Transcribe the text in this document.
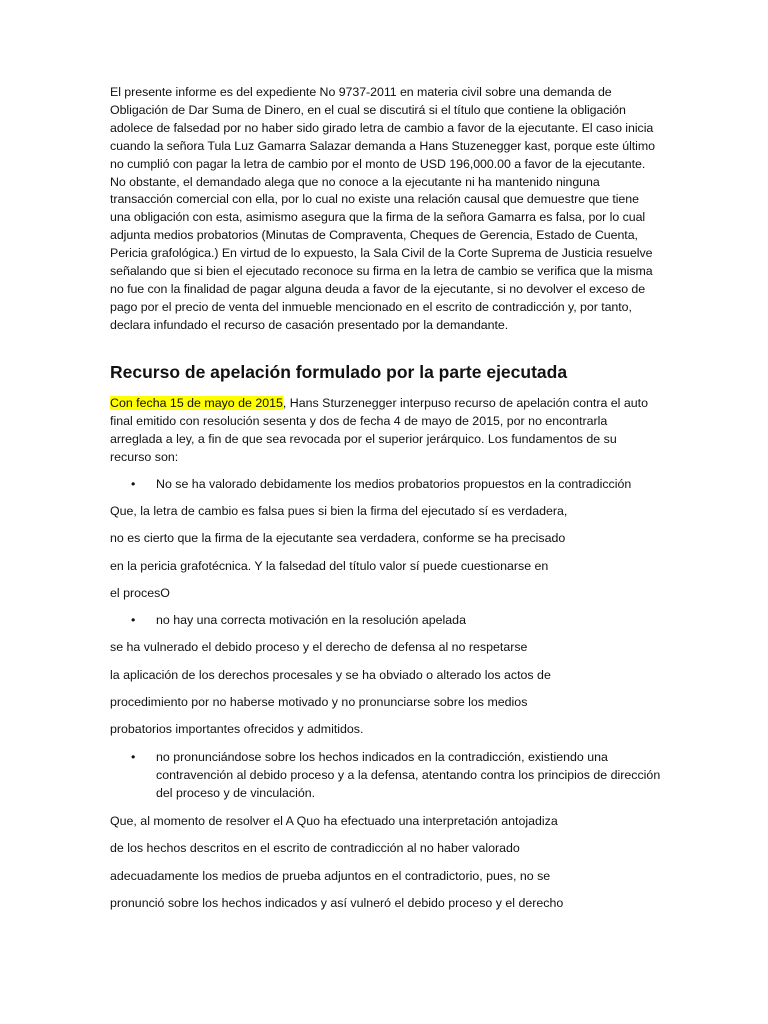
El presente informe es del expediente No 9737-2011 en materia civil sobre una demanda de Obligación de Dar Suma de Dinero, en el cual se discutirá si el título que contiene la obligación adolece de falsedad por no haber sido girado letra de cambio a favor de la ejecutante. El caso inicia cuando la señora Tula Luz Gamarra Salazar demanda a Hans Stuzenegger kast, porque este último no cumplió con pagar la letra de cambio por el monto de USD 196,000.00 a favor de la ejecutante. No obstante, el demandado alega que no conoce a la ejecutante ni ha mantenido ninguna transacción comercial con ella, por lo cual no existe una relación causal que demuestre que tiene una obligación con esta, asimismo asegura que la firma de la señora Gamarra es falsa, por lo cual adjunta medios probatorios (Minutas de Compraventa, Cheques de Gerencia, Estado de Cuenta, Pericia grafológica.) En virtud de lo expuesto, la Sala Civil de la Corte Suprema de Justicia resuelve señalando que si bien el ejecutado reconoce su firma en la letra de cambio se verifica que la misma no fue con la finalidad de pagar alguna deuda a favor de la ejecutante, si no devolver el exceso de pago por el precio de venta del inmueble mencionado en el escrito de contradicción y, por tanto, declara infundado el recurso de casación presentado por la demandante.

Recurso de apelación formulado por la parte ejecutada

Con fecha 15 de mayo de 2015, Hans Sturzenegger interpuso recurso de apelación contra el auto final emitido con resolución sesenta y dos de fecha 4 de mayo de 2015, por no encontrarla arreglada a ley, a fin de que sea revocada por el superior jerárquico. Los fundamentos de su recurso son:

•	No se ha valorado debidamente los medios probatorios propuestos en la contradicción

Que, la letra de cambio es falsa pues si bien la firma del ejecutado sí es verdadera,

no es cierto que la firma de la ejecutante sea verdadera, conforme se ha precisado

en la pericia grafotécnica. Y la falsedad del título valor sí puede cuestionarse en

el procesO

•	no hay una correcta motivación en la resolución apelada

se ha vulnerado el debido proceso y el derecho de defensa al no respetarse

la aplicación de los derechos procesales y se ha obviado o alterado los actos de

procedimiento por no haberse motivado y no pronunciarse sobre los medios

probatorios importantes ofrecidos y admitidos.

•	no pronunciándose sobre los hechos indicados en la contradicción, existiendo una contravención al debido proceso y a la defensa, atentando contra los principios de dirección del proceso y de vinculación.

Que, al momento de resolver el A Quo ha efectuado una interpretación antojadiza

de los hechos descritos en el escrito de contradicción al no haber valorado

adecuadamente los medios de prueba adjuntos en el contradictorio, pues, no se

pronunció sobre los hechos indicados y así vulneró el debido proceso y el derecho
